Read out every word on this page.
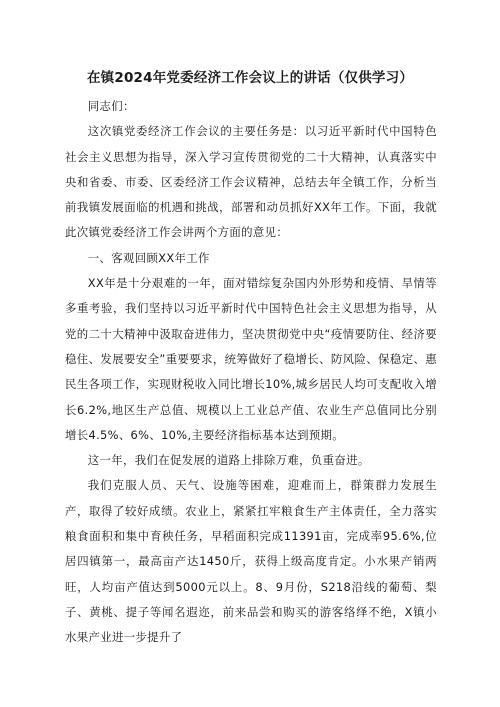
在镇2024年党委经济工作会议上的讲话（仅供学习）

同志们：

这次镇党委经济工作会议的主要任务是：以习近平新时代中国特色社会主义思想为指导，深入学习宣传贯彻党的二十大精神，认真落实中央和省委、市委、区委经济工作会议精神，总结去年全镇工作，分析当前我镇发展面临的机遇和挑战，部署和动员抓好XX年工作。下面，我就此次镇党委经济工作会讲两个方面的意见：

一、客观回顾XX年工作

XX年是十分艰难的一年，面对错综复杂国内外形势和疫情、旱情等多重考验，我们坚持以习近平新时代中国特色社会主义思想为指导，从党的二十大精神中汲取奋进伟力，坚决贯彻党中央“疫情要防住、经济要稳住、发展要安全”重要要求，统筹做好了稳增长、防风险、保稳定、惠民生各项工作，实现财税收入同比增长10%,城乡居民人均可支配收入增长6.2%,地区生产总值、规模以上工业总产值、农业生产总值同比分别增长4.5%、6%、10%,主要经济指标基本达到预期。

这一年，我们在促发展的道路上排除万难，负重奋进。

我们克服人员、天气、设施等困难，迎难而上，群策群力发展生产，取得了较好成绩。农业上，紧紧扛牢粮食生产主体责任，全力落实粮食面积和集中育秧任务，早稻面积完成11391亩，完成率95.6%,位居四镇第一，最高亩产达1450斤，获得上级高度肯定。小水果产销两旺，人均亩产值达到5000元以上。8、9月份，S218沿线的葡萄、梨子、黄桃、提子等闻名遐迩，前来品尝和购买的游客络绎不绝，X镇小水果产业进一步提升了
